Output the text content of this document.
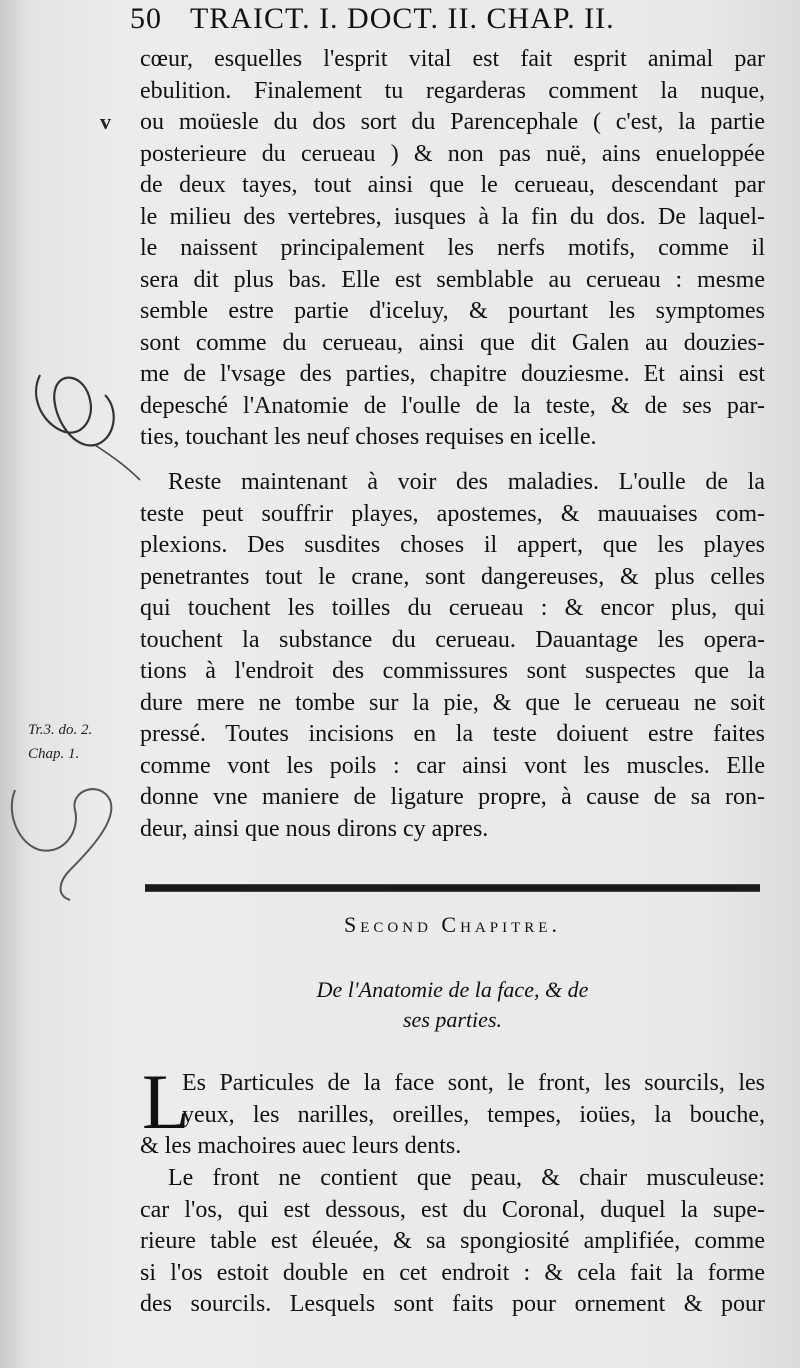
50 TRAICT. I. DOCT. II. CHAP. II.
v
cœur, esquelles l'esprit vital est fait esprit animal par
ebulition. Finalement tu regarderas comment la nuque,
ou moüesle du dos sort du Parencephale ( c'est, la partie
posterieure du cerueau ) & non pas nuë, ains enueloppée
de deux tayes, tout ainsi que le cerueau, descendant par
le milieu des vertebres, iusques à la fin du dos. De laquel-
le naissent principalement les nerfs motifs, comme il
sera dit plus bas. Elle est semblable au cerueau : mesme
semble estre partie d'iceluy, & pourtant les symptomes
sont comme du cerueau, ainsi que dit Galen au douzies-
me de l'vsage des parties, chapitre douziesme. Et ainsi est
depesché l'Anatomie de l'oulle de la teste, & de ses par-
ties, touchant les neuf choses requises en icelle.
Reste maintenant à voir des maladies. L'oulle de la
teste peut souffrir playes, apostemes, & mauuaises com-
plexions. Des susdites choses il appert, que les playes
penetrantes tout le crane, sont dangereuses, & plus celles
qui touchent les toilles du cerueau : & encor plus, qui
touchent la substance du cerueau. Dauantage les opera-
tions à l'endroit des commissures sont suspectes que la
dure mere ne tombe sur la pie, & que le cerueau ne soit
pressé. Toutes incisions en la teste doiuent estre faites
comme vont les poils : car ainsi vont les muscles. Elle
donne vne maniere de ligature propre, à cause de sa ron-
deur, ainsi que nous dirons cy apres.
Tr.3. do. 2.
Chap. 1.
Second Chapitre.
De l'Anatomie de la face, & de
ses parties.
L
Es Particules de la face sont, le front, les sourcils, les
yeux, les narilles, oreilles, tempes, ioües, la bouche,
& les machoires auec leurs dents.
Le front ne contient que peau, & chair musculeuse:
car l'os, qui est dessous, est du Coronal, duquel la supe-
rieure table est éleuée, & sa spongiosité amplifiée, comme
si l'os estoit double en cet endroit : & cela fait la forme
des sourcils. Lesquels sont faits pour ornement & pour
